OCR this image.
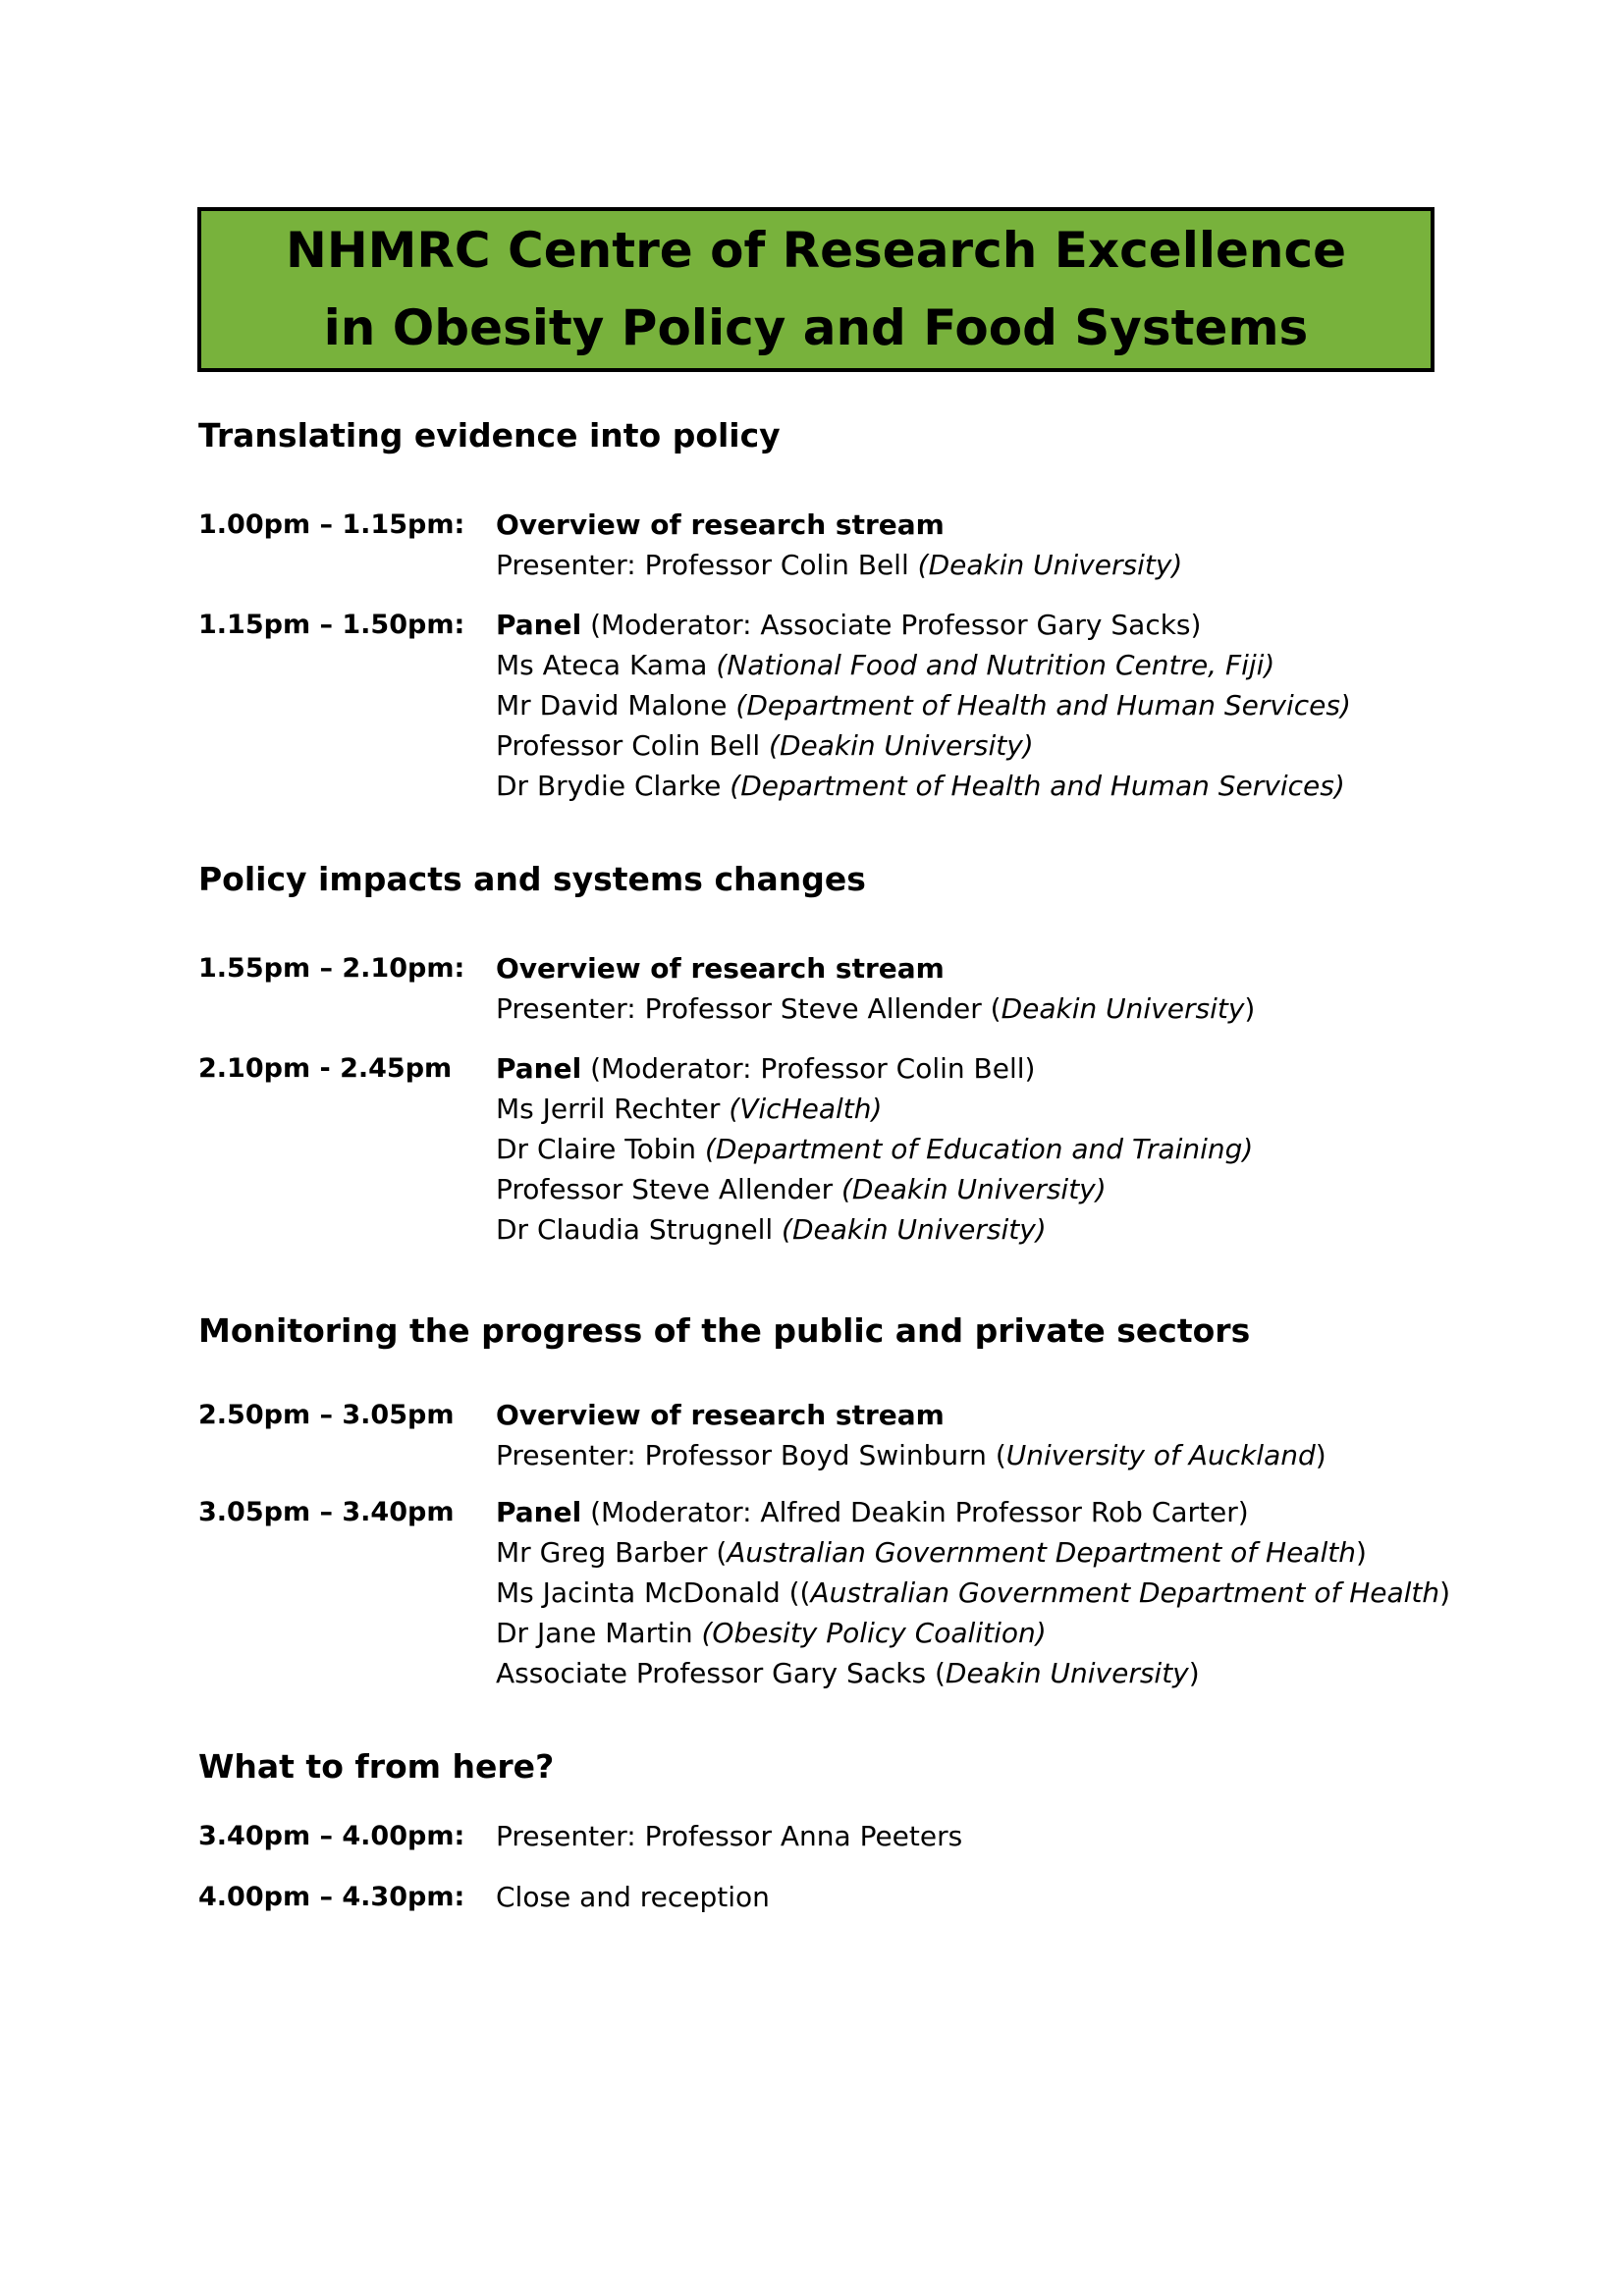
NHMRC Centre of Research Excellence
in Obesity Policy and Food Systems
Translating evidence into policy
1.00pm – 1.15pm: Overview of research stream
Presenter: Professor Colin Bell (Deakin University)
1.15pm – 1.50pm: Panel (Moderator: Associate Professor Gary Sacks)
Ms Ateca Kama (National Food and Nutrition Centre, Fiji)
Mr David Malone (Department of Health and Human Services)
Professor Colin Bell (Deakin University)
Dr Brydie Clarke (Department of Health and Human Services)
Policy impacts and systems changes
1.55pm – 2.10pm: Overview of research stream
Presenter: Professor Steve Allender (Deakin University)
2.10pm - 2.45pm Panel (Moderator: Professor Colin Bell)
Ms Jerril Rechter (VicHealth)
Dr Claire Tobin (Department of Education and Training)
Professor Steve Allender (Deakin University)
Dr Claudia Strugnell (Deakin University)
Monitoring the progress of the public and private sectors
2.50pm – 3.05pm Overview of research stream
Presenter: Professor Boyd Swinburn (University of Auckland)
3.05pm – 3.40pm Panel (Moderator: Alfred Deakin Professor Rob Carter)
Mr Greg Barber (Australian Government Department of Health)
Ms Jacinta McDonald ((Australian Government Department of Health)
Dr Jane Martin (Obesity Policy Coalition)
Associate Professor Gary Sacks (Deakin University)
What to from here?
3.40pm – 4.00pm: Presenter: Professor Anna Peeters
4.00pm – 4.30pm: Close and reception
